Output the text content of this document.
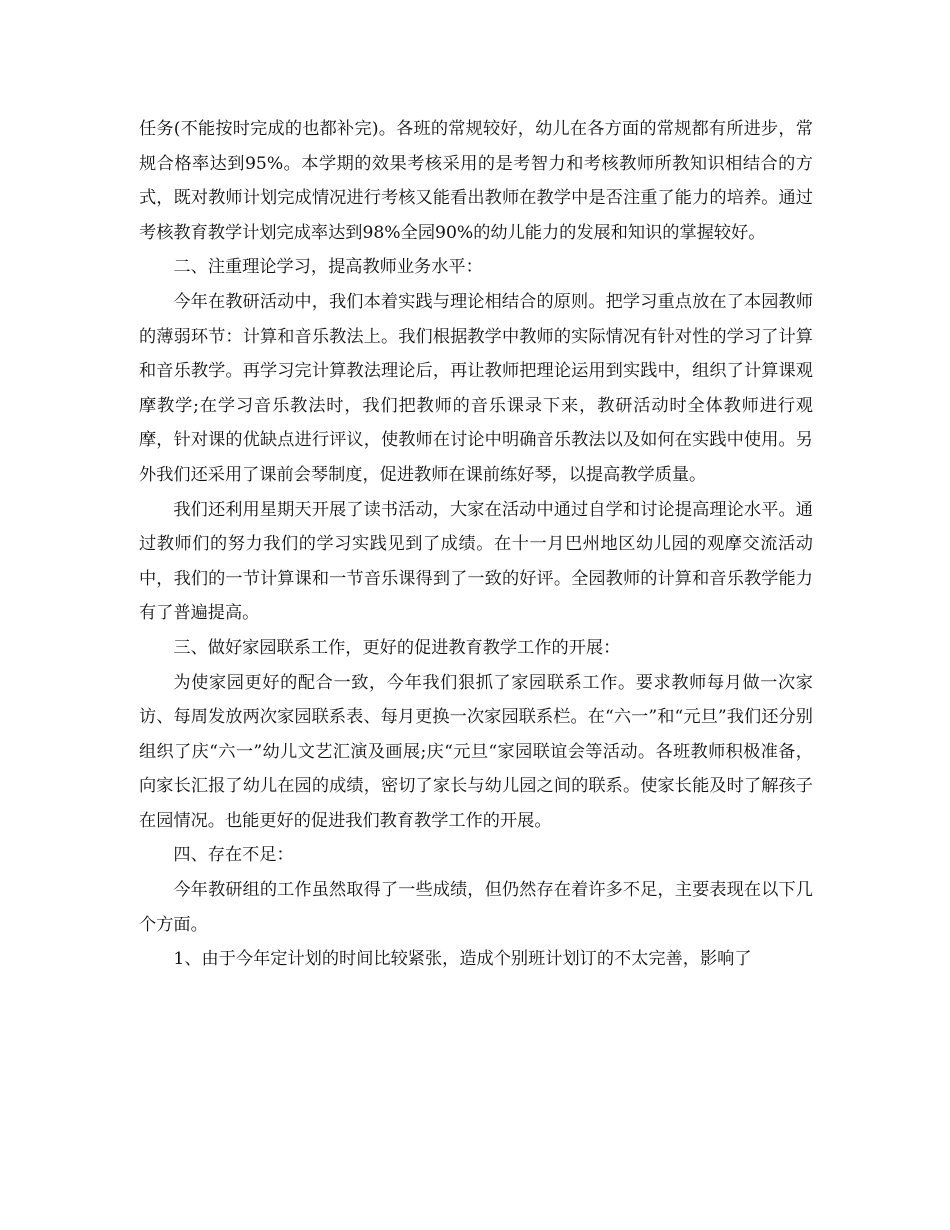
任务(不能按时完成的也都补完)。各班的常规较好，幼儿在各方面的常规都有所进步，常规合格率达到95%。本学期的效果考核采用的是考智力和考核教师所教知识相结合的方式，既对教师计划完成情况进行考核又能看出教师在教学中是否注重了能力的培养。通过考核教育教学计划完成率达到98%全园90%的幼儿能力的发展和知识的掌握较好。

二、注重理论学习，提高教师业务水平：

今年在教研活动中，我们本着实践与理论相结合的原则。把学习重点放在了本园教师的薄弱环节：计算和音乐教法上。我们根据教学中教师的实际情况有针对性的学习了计算和音乐教学。再学习完计算教法理论后，再让教师把理论运用到实践中，组织了计算课观摩教学;在学习音乐教法时，我们把教师的音乐课录下来，教研活动时全体教师进行观摩，针对课的优缺点进行评议，使教师在讨论中明确音乐教法以及如何在实践中使用。另外我们还采用了课前会琴制度，促进教师在课前练好琴，以提高教学质量。

我们还利用星期天开展了读书活动，大家在活动中通过自学和讨论提高理论水平。通过教师们的努力我们的学习实践见到了成绩。在十一月巴州地区幼儿园的观摩交流活动中，我们的一节计算课和一节音乐课得到了一致的好评。全园教师的计算和音乐教学能力有了普遍提高。

三、做好家园联系工作，更好的促进教育教学工作的开展：

为使家园更好的配合一致，今年我们狠抓了家园联系工作。要求教师每月做一次家访、每周发放两次家园联系表、每月更换一次家园联系栏。在“六一”和“元旦”我们还分别组织了庆“六一”幼儿文艺汇演及画展;庆“元旦“家园联谊会等活动。各班教师积极准备，向家长汇报了幼儿在园的成绩，密切了家长与幼儿园之间的联系。使家长能及时了解孩子在园情况。也能更好的促进我们教育教学工作的开展。

四、存在不足：

今年教研组的工作虽然取得了一些成绩，但仍然存在着许多不足，主要表现在以下几个方面。

1、由于今年定计划的时间比较紧张，造成个别班计划订的不太完善，影响了
